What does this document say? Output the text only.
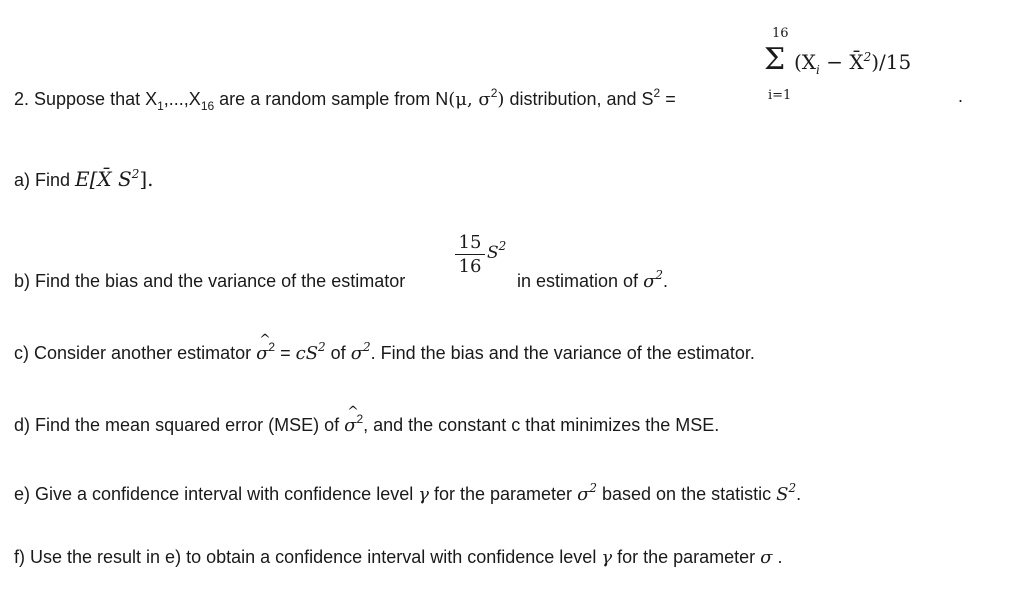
16
Σ ($X_i$ − X̄$^2$)/15
i=1
2. Suppose that $X_1,...,X_{16}$ are a random sample from N(μ, $\sigma^2$) distribution, and $S^2$ =	.
a) Find E[X̄ $S^2$].
15
16
$S^2$
b) Find the bias and the variance of the estimator	in estimation of $\sigma^2$.
c) Consider another estimator ^ $\sigma^2 = cS^2$ of $\sigma^2$. Find the bias and the variance of the estimator.
d) Find the mean squared error (MSE) of ^ $\sigma^2$, and the constant c that minimizes the MSE.
e) Give a confidence interval with confidence level γ for the parameter $\sigma^2$ based on the statistic $S^2$.
f) Use the result in e) to obtain a confidence interval with confidence level γ for the parameter σ .
